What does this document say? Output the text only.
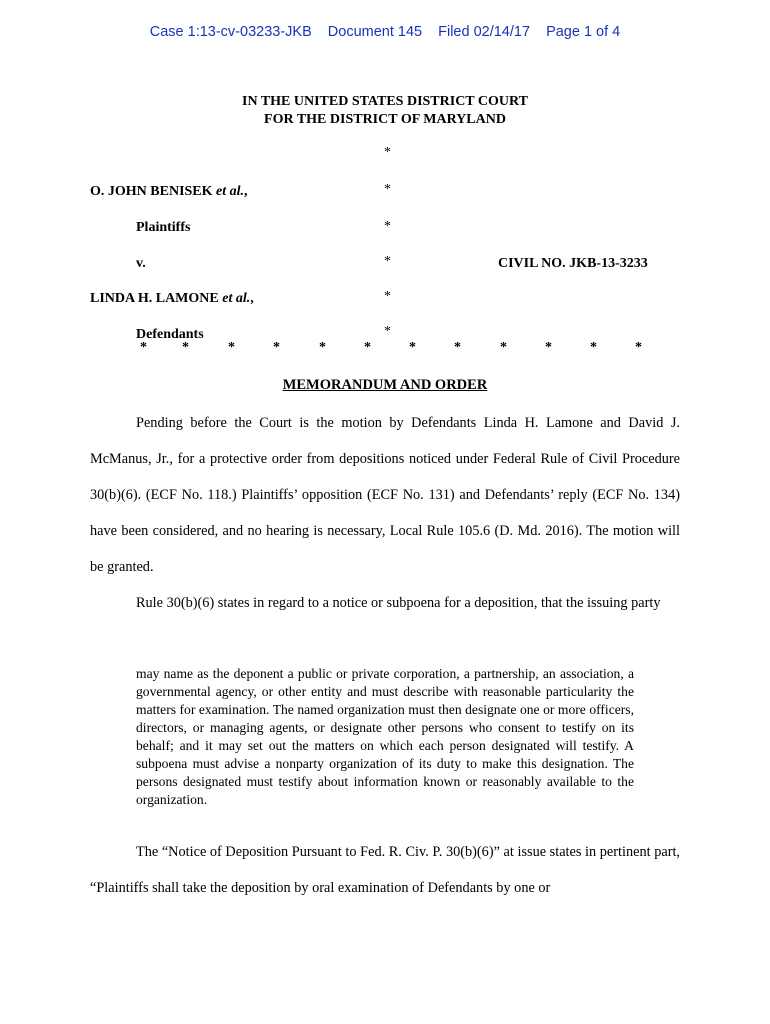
Case 1:13-cv-03233-JKB Document 145 Filed 02/14/17 Page 1 of 4
IN THE UNITED STATES DISTRICT COURT
FOR THE DISTRICT OF MARYLAND
*
*
*
*
*
*
O. JOHN BENISEK et al.,
Plaintiffs
v.	CIVIL NO. JKB-13-3233
LINDA H. LAMONE et al.,
Defendants
*	*	*	*	*	*	*	*	*	*	*	*
MEMORANDUM AND ORDER
Pending before the Court is the motion by Defendants Linda H. Lamone and David J. McManus, Jr., for a protective order from depositions noticed under Federal Rule of Civil Procedure 30(b)(6). (ECF No. 118.) Plaintiffs’ opposition (ECF No. 131) and Defendants’ reply (ECF No. 134) have been considered, and no hearing is necessary, Local Rule 105.6 (D. Md. 2016). The motion will be granted.
Rule 30(b)(6) states in regard to a notice or subpoena for a deposition, that the issuing party
may name as the deponent a public or private corporation, a partnership, an association, a governmental agency, or other entity and must describe with reasonable particularity the matters for examination. The named organization must then designate one or more officers, directors, or managing agents, or designate other persons who consent to testify on its behalf; and it may set out the matters on which each person designated will testify. A subpoena must advise a nonparty organization of its duty to make this designation. The persons designated must testify about information known or reasonably available to the organization.
The “Notice of Deposition Pursuant to Fed. R. Civ. P. 30(b)(6)” at issue states in pertinent part, “Plaintiffs shall take the deposition by oral examination of Defendants by one or
